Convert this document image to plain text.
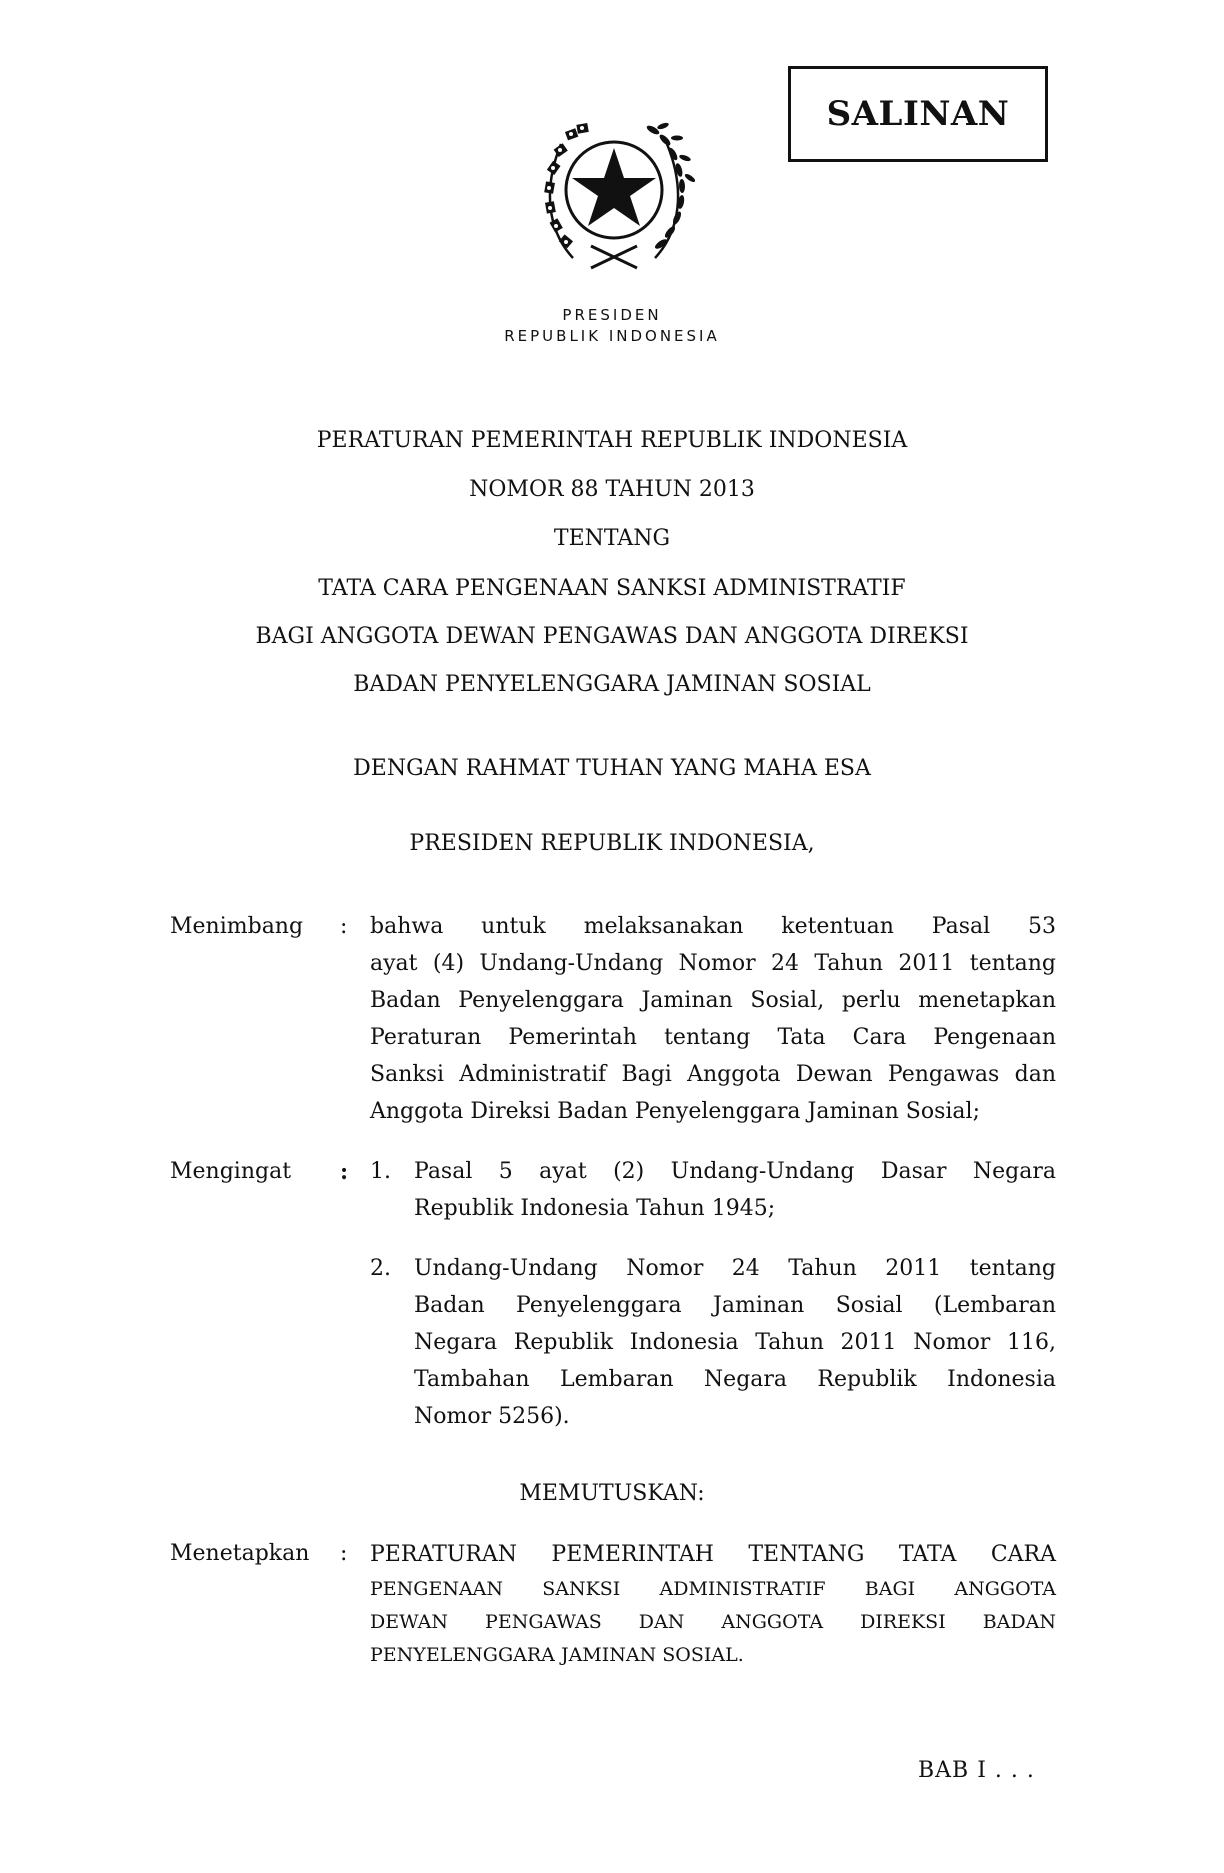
SALINAN
PRESIDEN
REPUBLIK INDONESIA
PERATURAN PEMERINTAH REPUBLIK INDONESIA
NOMOR 88 TAHUN 2013
TENTANG
TATA CARA PENGENAAN SANKSI ADMINISTRATIF
BAGI ANGGOTA DEWAN PENGAWAS DAN ANGGOTA DIREKSI
BADAN PENYELENGGARA JAMINAN SOSIAL
DENGAN RAHMAT TUHAN YANG MAHA ESA
PRESIDEN REPUBLIK INDONESIA,
Menimbang : bahwa untuk melaksanakan ketentuan Pasal 53
ayat (4) Undang-Undang Nomor 24 Tahun 2011 tentang
Badan Penyelenggara Jaminan Sosial, perlu menetapkan
Peraturan Pemerintah tentang Tata Cara Pengenaan
Sanksi Administratif Bagi Anggota Dewan Pengawas dan
Anggota Direksi Badan Penyelenggara Jaminan Sosial;
Mengingat : 1. Pasal 5 ayat (2) Undang-Undang Dasar Negara
Republik Indonesia Tahun 1945;
2. Undang-Undang Nomor 24 Tahun 2011 tentang
Badan Penyelenggara Jaminan Sosial (Lembaran
Negara Republik Indonesia Tahun 2011 Nomor 116,
Tambahan Lembaran Negara Republik Indonesia
Nomor 5256).
MEMUTUSKAN:
Menetapkan : PERATURAN PEMERINTAH TENTANG TATA CARA
PENGENAAN SANKSI ADMINISTRATIF BAGI ANGGOTA
DEWAN PENGAWAS DAN ANGGOTA DIREKSI BADAN
PENYELENGGARA JAMINAN SOSIAL.
BAB I . . .
